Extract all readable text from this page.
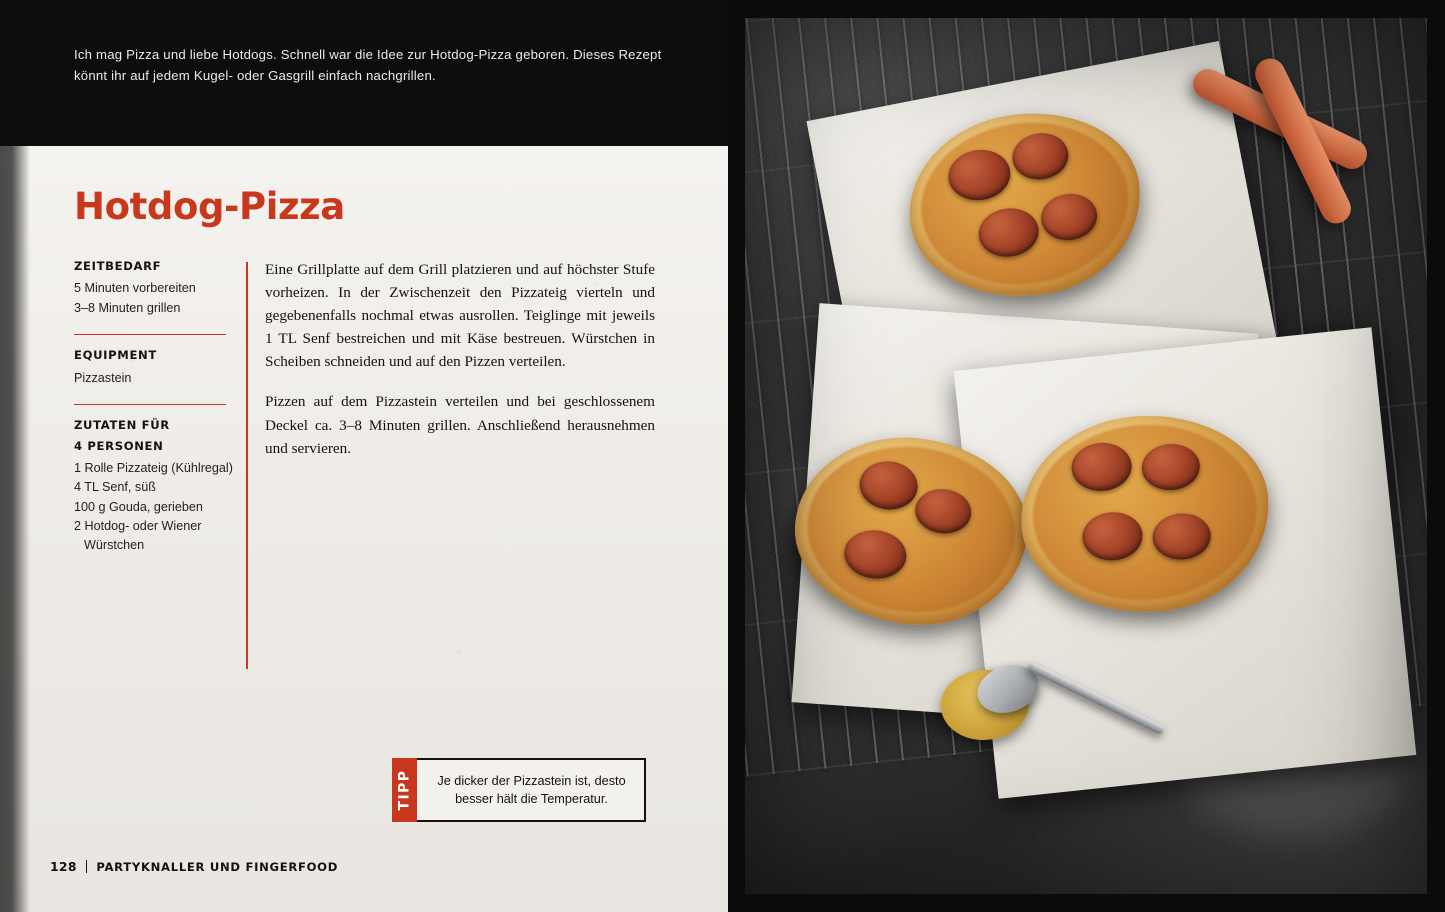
Ich mag Pizza und liebe Hotdogs. Schnell war die Idee zur Hotdog-Pizza geboren. Dieses Rezept könnt ihr auf jedem Kugel- oder Gasgrill einfach nachgrillen.
Hotdog-Pizza
ZEITBEDARF
5 Minuten vorbereiten
3–8 Minuten grillen
EQUIPMENT
Pizzastein
ZUTATEN FÜR
4 PERSONEN
1 Rolle Pizzateig (Kühlregal)
4 TL Senf, süß
100 g Gouda, gerieben
2 Hotdog- oder Wiener
Würstchen

Eine Grillplatte auf dem Grill platzieren und auf höchster Stufe vorheizen. In der Zwischenzeit den Pizzateig vierteln und gegebenenfalls nochmal etwas ausrollen. Teiglinge mit jeweils 1 TL Senf bestreichen und mit Käse bestreuen. Würstchen in Scheiben schneiden und auf den Pizzen verteilen.

Pizzen auf dem Pizzastein verteilen und bei geschlossenem Deckel ca. 3–8 Minuten grillen. Anschließend herausnehmen und servieren.

TIPP	Je dicker der Pizzastein ist, desto besser hält die Temperatur.
128 PARTYKNALLER UND FINGERFOOD
